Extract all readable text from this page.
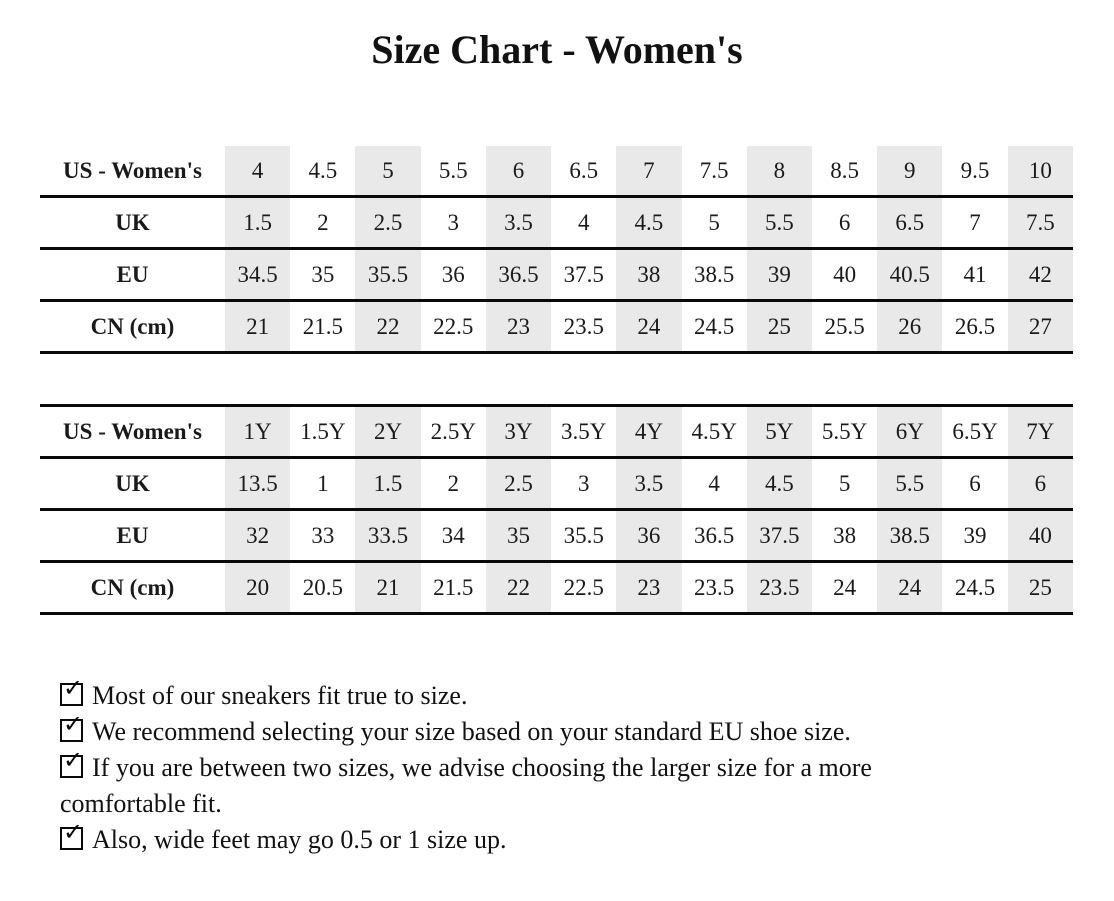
Size Chart - Women's
US - Women's	4	4.5	5	5.5	6	6.5	7	7.5	8	8.5	9	9.5	10
UK	1.5	2	2.5	3	3.5	4	4.5	5	5.5	6	6.5	7	7.5
EU	34.5	35	35.5	36	36.5	37.5	38	38.5	39	40	40.5	41	42
CN (cm)	21	21.5	22	22.5	23	23.5	24	24.5	25	25.5	26	26.5	27
US - Women's	1Y	1.5Y	2Y	2.5Y	3Y	3.5Y	4Y	4.5Y	5Y	5.5Y	6Y	6.5Y	7Y
UK	13.5	1	1.5	2	2.5	3	3.5	4	4.5	5	5.5	6	6
EU	32	33	33.5	34	35	35.5	36	36.5	37.5	38	38.5	39	40
CN (cm)	20	20.5	21	21.5	22	22.5	23	23.5	23.5	24	24	24.5	25
✓ Most of our sneakers fit true to size.
✓ We recommend selecting your size based on your standard EU shoe size.
✓ If you are between two sizes, we advise choosing the larger size for a more
comfortable fit.
✓ Also, wide feet may go 0.5 or 1 size up.
